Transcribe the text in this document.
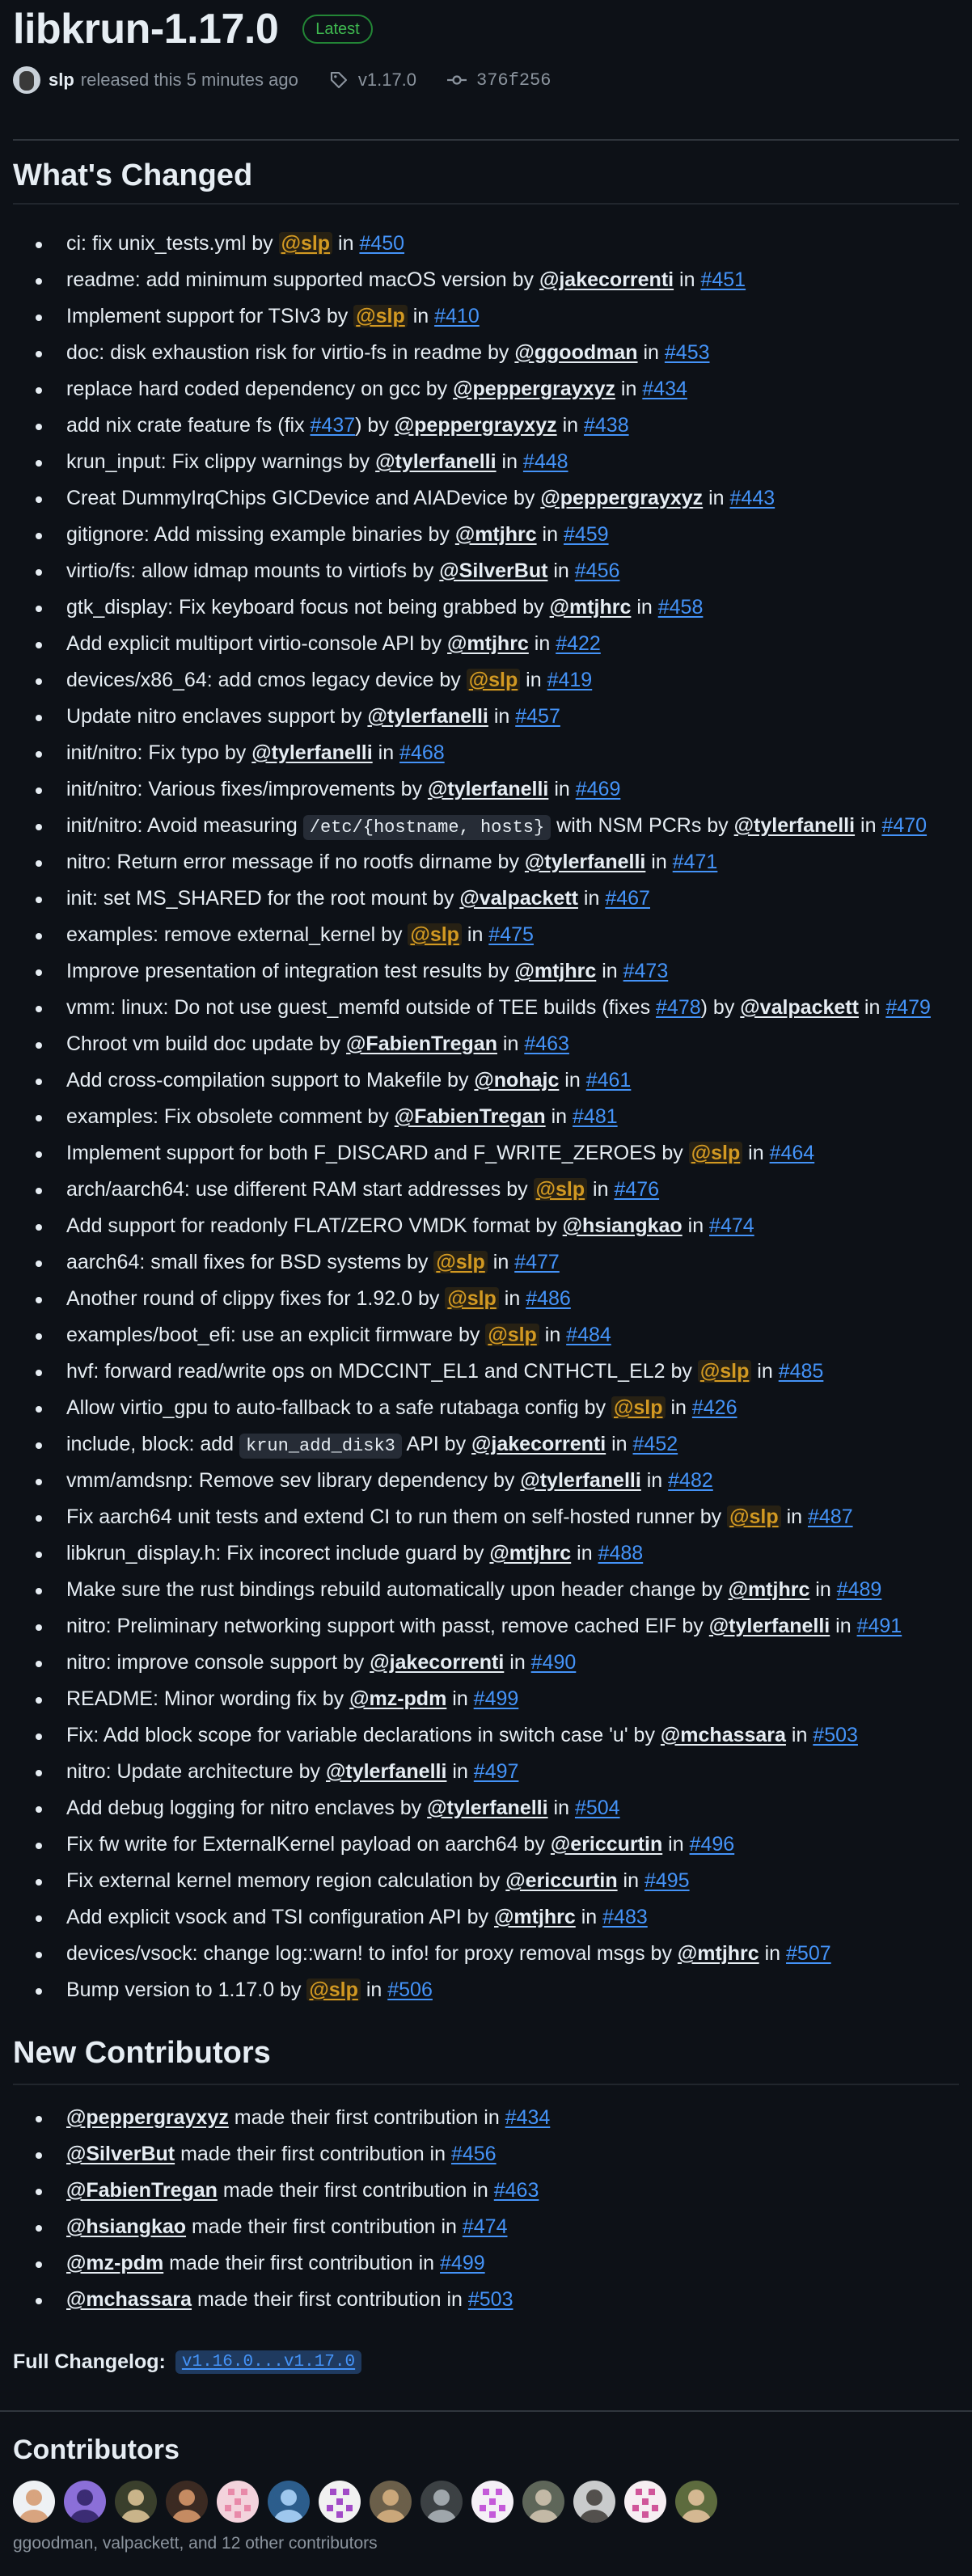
libkrun-1.17.0	Latest
slp released this 5 minutes ago	v1.17.0	376f256
What's Changed
ci: fix unix_tests.yml by @slp in #450
readme: add minimum supported macOS version by @jakecorrenti in #451
Implement support for TSIv3 by @slp in #410
doc: disk exhaustion risk for virtio-fs in readme by @ggoodman in #453
replace hard coded dependency on gcc by @peppergrayxyz in #434
add nix crate feature fs (fix #437) by @peppergrayxyz in #438
krun_input: Fix clippy warnings by @tylerfanelli in #448
Creat DummyIrqChips GICDevice and AIADevice by @peppergrayxyz in #443
gitignore: Add missing example binaries by @mtjhrc in #459
virtio/fs: allow idmap mounts to virtiofs by @SilverBut in #456
gtk_display: Fix keyboard focus not being grabbed by @mtjhrc in #458
Add explicit multiport virtio-console API by @mtjhrc in #422
devices/x86_64: add cmos legacy device by @slp in #419
Update nitro enclaves support by @tylerfanelli in #457
init/nitro: Fix typo by @tylerfanelli in #468
init/nitro: Various fixes/improvements by @tylerfanelli in #469
init/nitro: Avoid measuring /etc/{hostname, hosts} with NSM PCRs by @tylerfanelli in #470
nitro: Return error message if no rootfs dirname by @tylerfanelli in #471
init: set MS_SHARED for the root mount by @valpackett in #467
examples: remove external_kernel by @slp in #475
Improve presentation of integration test results by @mtjhrc in #473
vmm: linux: Do not use guest_memfd outside of TEE builds (fixes #478) by @valpackett in #479
Chroot vm build doc update by @FabienTregan in #463
Add cross-compilation support to Makefile by @nohajc in #461
examples: Fix obsolete comment by @FabienTregan in #481
Implement support for both F_DISCARD and F_WRITE_ZEROES by @slp in #464
arch/aarch64: use different RAM start addresses by @slp in #476
Add support for readonly FLAT/ZERO VMDK format by @hsiangkao in #474
aarch64: small fixes for BSD systems by @slp in #477
Another round of clippy fixes for 1.92.0 by @slp in #486
examples/boot_efi: use an explicit firmware by @slp in #484
hvf: forward read/write ops on MDCCINT_EL1 and CNTHCTL_EL2 by @slp in #485
Allow virtio_gpu to auto-fallback to a safe rutabaga config by @slp in #426
include, block: add krun_add_disk3 API by @jakecorrenti in #452
vmm/amdsnp: Remove sev library dependency by @tylerfanelli in #482
Fix aarch64 unit tests and extend CI to run them on self-hosted runner by @slp in #487
libkrun_display.h: Fix incorect include guard by @mtjhrc in #488
Make sure the rust bindings rebuild automatically upon header change by @mtjhrc in #489
nitro: Preliminary networking support with passt, remove cached EIF by @tylerfanelli in #491
nitro: improve console support by @jakecorrenti in #490
README: Minor wording fix by @mz-pdm in #499
Fix: Add block scope for variable declarations in switch case 'u' by @mchassara in #503
nitro: Update architecture by @tylerfanelli in #497
Add debug logging for nitro enclaves by @tylerfanelli in #504
Fix fw write for ExternalKernel payload on aarch64 by @ericcurtin in #496
Fix external kernel memory region calculation by @ericcurtin in #495
Add explicit vsock and TSI configuration API by @mtjhrc in #483
devices/vsock: change log::warn! to info! for proxy removal msgs by @mtjhrc in #507
Bump version to 1.17.0 by @slp in #506
New Contributors
@peppergrayxyz made their first contribution in #434
@SilverBut made their first contribution in #456
@FabienTregan made their first contribution in #463
@hsiangkao made their first contribution in #474
@mz-pdm made their first contribution in #499
@mchassara made their first contribution in #503
Full Changelog: v1.16.0...v1.17.0
Contributors
ggoodman, valpackett, and 12 other contributors
